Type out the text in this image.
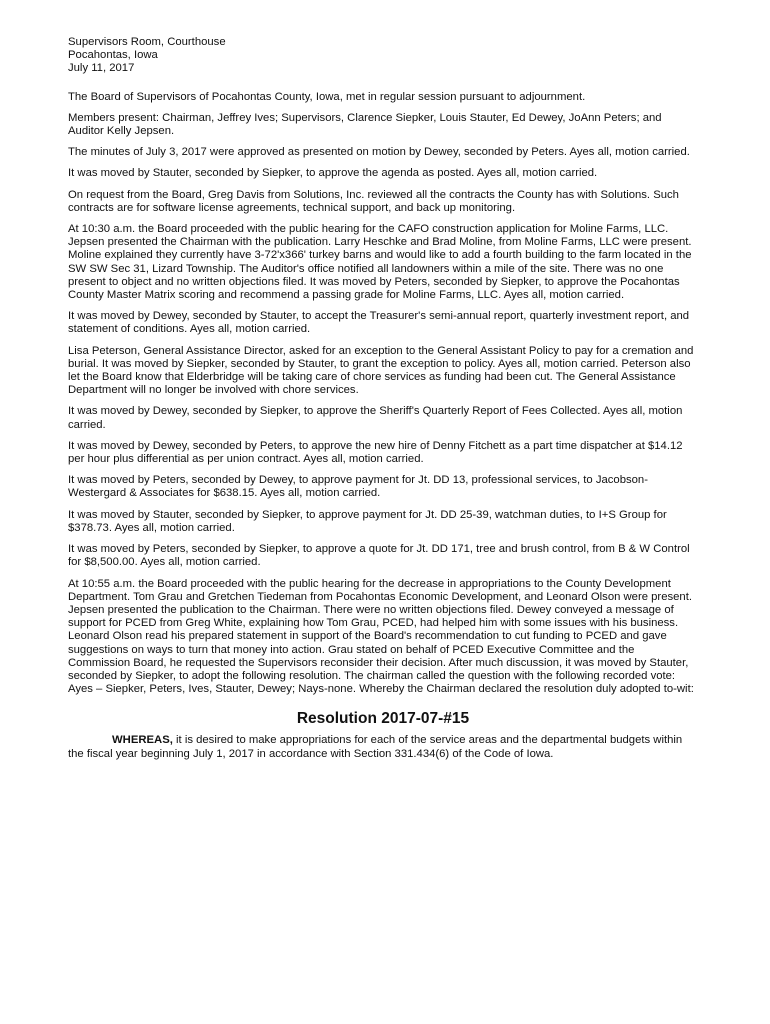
Supervisors Room, Courthouse

Pocahontas, Iowa

July 11, 2017

The Board of Supervisors of Pocahontas County, Iowa, met in regular session pursuant to adjournment.

Members present: Chairman, Jeffrey Ives; Supervisors, Clarence Siepker, Louis Stauter, Ed Dewey, JoAnn Peters; and Auditor Kelly Jepsen.

The minutes of July 3, 2017 were approved as presented on motion by Dewey, seconded by Peters. Ayes all, motion carried.

It was moved by Stauter, seconded by Siepker, to approve the agenda as posted. Ayes all, motion carried.

On request from the Board, Greg Davis from Solutions, Inc. reviewed all the contracts the County has with Solutions. Such contracts are for software license agreements, technical support, and back up monitoring.

At 10:30 a.m. the Board proceeded with the public hearing for the CAFO construction application for Moline Farms, LLC. Jepsen presented the Chairman with the publication. Larry Heschke and Brad Moline, from Moline Farms, LLC were present. Moline explained they currently have 3-72'x366' turkey barns and would like to add a fourth building to the farm located in the SW SW Sec 31, Lizard Township. The Auditor's office notified all landowners within a mile of the site. There was no one present to object and no written objections filed. It was moved by Peters, seconded by Siepker, to approve the Pocahontas County Master Matrix scoring and recommend a passing grade for Moline Farms, LLC. Ayes all, motion carried.

It was moved by Dewey, seconded by Stauter, to accept the Treasurer's semi-annual report, quarterly investment report, and statement of conditions. Ayes all, motion carried.

Lisa Peterson, General Assistance Director, asked for an exception to the General Assistant Policy to pay for a cremation and burial. It was moved by Siepker, seconded by Stauter, to grant the exception to policy. Ayes all, motion carried. Peterson also let the Board know that Elderbridge will be taking care of chore services as funding had been cut. The General Assistance Department will no longer be involved with chore services.

It was moved by Dewey, seconded by Siepker, to approve the Sheriff's Quarterly Report of Fees Collected. Ayes all, motion carried.

It was moved by Dewey, seconded by Peters, to approve the new hire of Denny Fitchett as a part time dispatcher at $14.12 per hour plus differential as per union contract. Ayes all, motion carried.

It was moved by Peters, seconded by Dewey, to approve payment for Jt. DD 13, professional services, to Jacobson-Westergard & Associates for $638.15. Ayes all, motion carried.

It was moved by Stauter, seconded by Siepker, to approve payment for Jt. DD 25-39, watchman duties, to I+S Group for $378.73. Ayes all, motion carried.

It was moved by Peters, seconded by Siepker, to approve a quote for Jt. DD 171, tree and brush control, from B & W Control for $8,500.00. Ayes all, motion carried.

At 10:55 a.m. the Board proceeded with the public hearing for the decrease in appropriations to the County Development Department. Tom Grau and Gretchen Tiedeman from Pocahontas Economic Development, and Leonard Olson were present. Jepsen presented the publication to the Chairman. There were no written objections filed. Dewey conveyed a message of support for PCED from Greg White, explaining how Tom Grau, PCED, had helped him with some issues with his business. Leonard Olson read his prepared statement in support of the Board's recommendation to cut funding to PCED and gave suggestions on ways to turn that money into action. Grau stated on behalf of PCED Executive Committee and the Commission Board, he requested the Supervisors reconsider their decision. After much discussion, it was moved by Stauter, seconded by Siepker, to adopt the following resolution. The chairman called the question with the following recorded vote: Ayes – Siepker, Peters, Ives, Stauter, Dewey; Nays-none. Whereby the Chairman declared the resolution duly adopted to-wit:

Resolution 2017-07-#15

WHEREAS, it is desired to make appropriations for each of the service areas and the departmental budgets within the fiscal year beginning July 1, 2017 in accordance with Section 331.434(6) of the Code of Iowa.
